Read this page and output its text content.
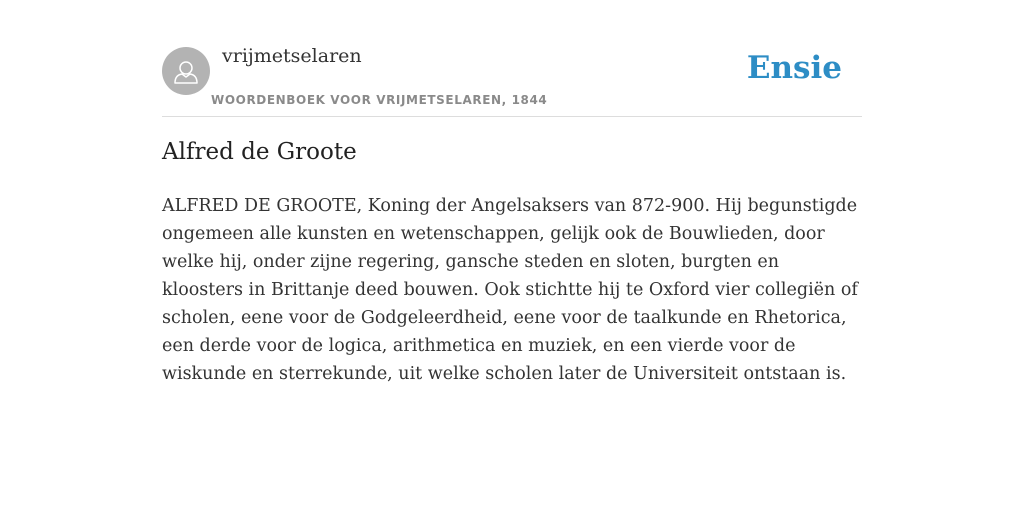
vrijmetselaren
WOORDENBOEK VOOR VRIJMETSELAREN, 1844
Ensie
Alfred de Groote

ALFRED DE GROOTE, Koning der Angelsaksers van 872-900. Hij begunstigde ongemeen alle kunsten en wetenschappen, gelijk ook de Bouwlieden, door welke hij, onder zijne regering, gansche steden en sloten, burgten en kloosters in Brittanje deed bouwen. Ook stichtte hij te Oxford vier collegiën of scholen, eene voor de Godgeleerdheid, eene voor de taalkunde en Rhetorica, een derde voor de logica, arithmetica en muziek, en een vierde voor de wiskunde en sterrekunde, uit welke scholen later de Universiteit ontstaan is.
